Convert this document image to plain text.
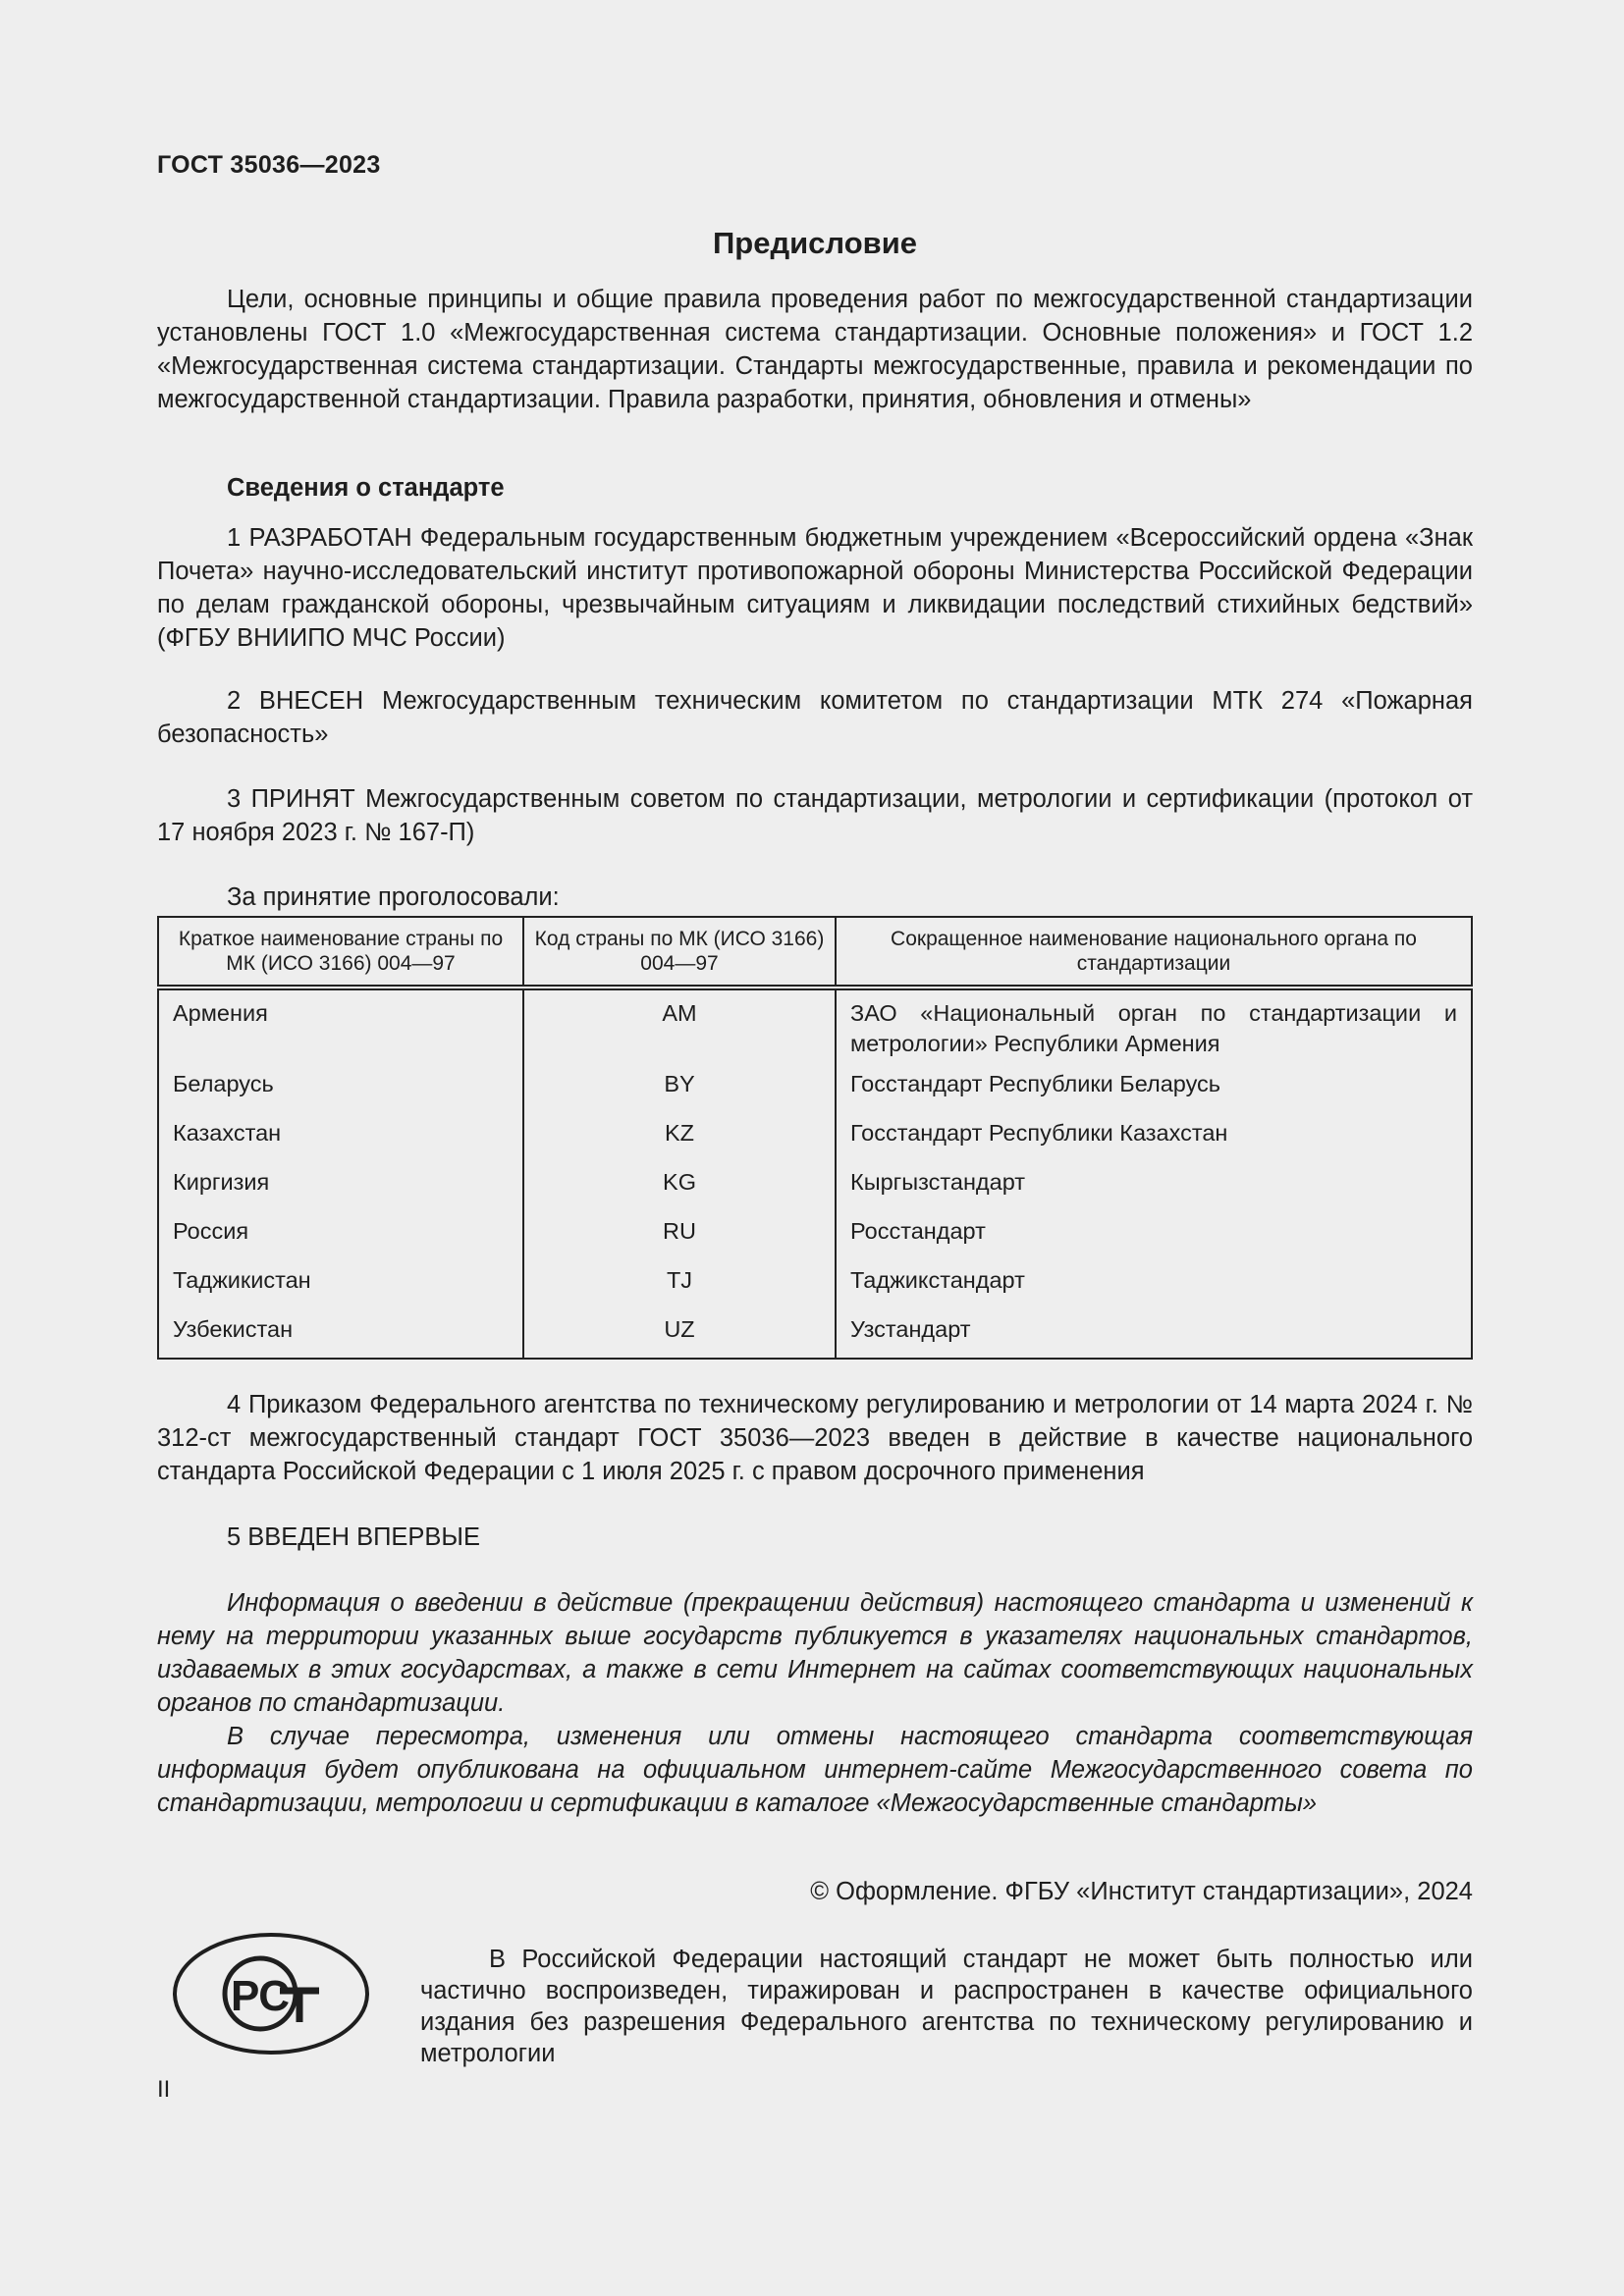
ГОСТ 35036—2023
Предисловие

Цели, основные принципы и общие правила проведения работ по межгосударственной стандартизации установлены ГОСТ 1.0 «Межгосударственная система стандартизации. Основные положения» и ГОСТ 1.2 «Межгосударственная система стандартизации. Стандарты межгосударственные, правила и рекомендации по межгосударственной стандартизации. Правила разработки, принятия, обновления и отмены»

Сведения о стандарте

1 РАЗРАБОТАН Федеральным государственным бюджетным учреждением «Всероссийский ордена «Знак Почета» научно-исследовательский институт противопожарной обороны Министерства Российской Федерации по делам гражданской обороны, чрезвычайным ситуациям и ликвидации последствий стихийных бедствий» (ФГБУ ВНИИПО МЧС России)

2 ВНЕСЕН Межгосударственным техническим комитетом по стандартизации МТК 274 «Пожарная безопасность»

3 ПРИНЯТ Межгосударственным советом по стандартизации, метрологии и сертификации (протокол от 17 ноября 2023 г. № 167-П)

За принятие проголосовали:

Краткое наименование страны по МК (ИСО 3166) 004—97	Код страны по МК (ИСО 3166) 004—97	Сокращенное наименование национального органа по стандартизации
Армения	AM	ЗАО «Национальный орган по стандартизации и метрологии» Республики Армения
Беларусь	BY	Госстандарт Республики Беларусь
Казахстан	KZ	Госстандарт Республики Казахстан
Киргизия	KG	Кыргызстандарт
Россия	RU	Росстандарт
Таджикистан	TJ	Таджикстандарт
Узбекистан	UZ	Узстандарт

4 Приказом Федерального агентства по техническому регулированию и метрологии от 14 марта 2024 г. № 312-ст межгосударственный стандарт ГОСТ 35036—2023 введен в действие в качестве национального стандарта Российской Федерации с 1 июля 2025 г. с правом досрочного применения

5 ВВЕДЕН ВПЕРВЫЕ

Информация о введении в действие (прекращении действия) настоящего стандарта и изменений к нему на территории указанных выше государств публикуется в указателях национальных стандартов, издаваемых в этих государствах, а также в сети Интернет на сайтах соответствующих национальных органов по стандартизации.

В случае пересмотра, изменения или отмены настоящего стандарта соответствующая информация будет опубликована на официальном интернет-сайте Межгосударственного совета по стандартизации, метрологии и сертификации в каталоге «Межгосударственные стандарты»

© Оформление. ФГБУ «Институт стандартизации», 2024
РС

В Российской Федерации настоящий стандарт не может быть полностью или частично воспроизведен, тиражирован и распространен в качестве официального издания без разрешения Федерального агентства по техническому регулированию и метрологии

II
